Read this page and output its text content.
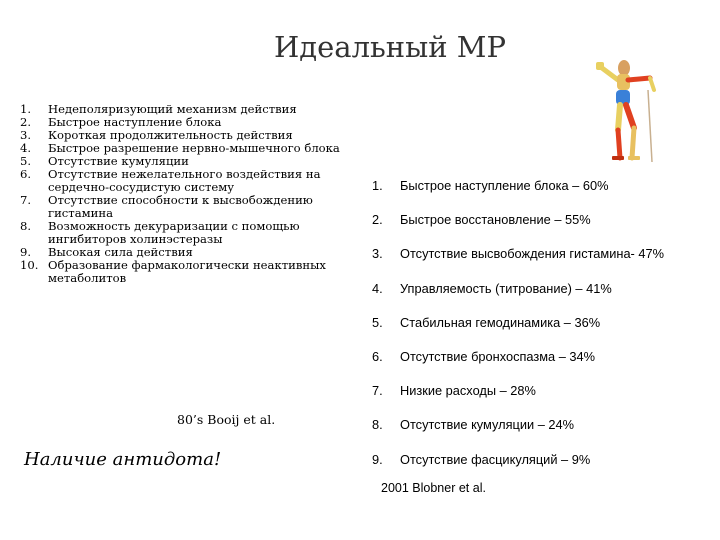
Идеальный МР
1. Недеполяризующий механизм действия
2. Быстрое наступление блока
3. Короткая продолжительность действия
4. Быстрое разрешение нервно-мышечного блока
5. Отсутствие кумуляции
6. Отсутствие нежелательного воздействия на сердечно-сосудистую систему
7. Отсутствие способности к высвобождению гистамина
8. Возможность декураризации с помощью ингибиторов холинэстеразы
9. Высокая сила действия
10. Образование фармакологически неактивных метаболитов
80’s Booij et al.
Наличие антидота!
1. Быстрое наступление блока – 60%
2. Быстрое восстановление – 55%
3. Отсутствие высвобождения гистамина- 47%
4. Управляемость (титрование) – 41%
5. Стабильная гемодинамика – 36%
6. Отсутствие бронхоспазма – 34%
7. Низкие расходы – 28%
8. Отсутствие кумуляции – 24%
9. Отсутствие фасцикуляций – 9%
2001 Blobner et al.
